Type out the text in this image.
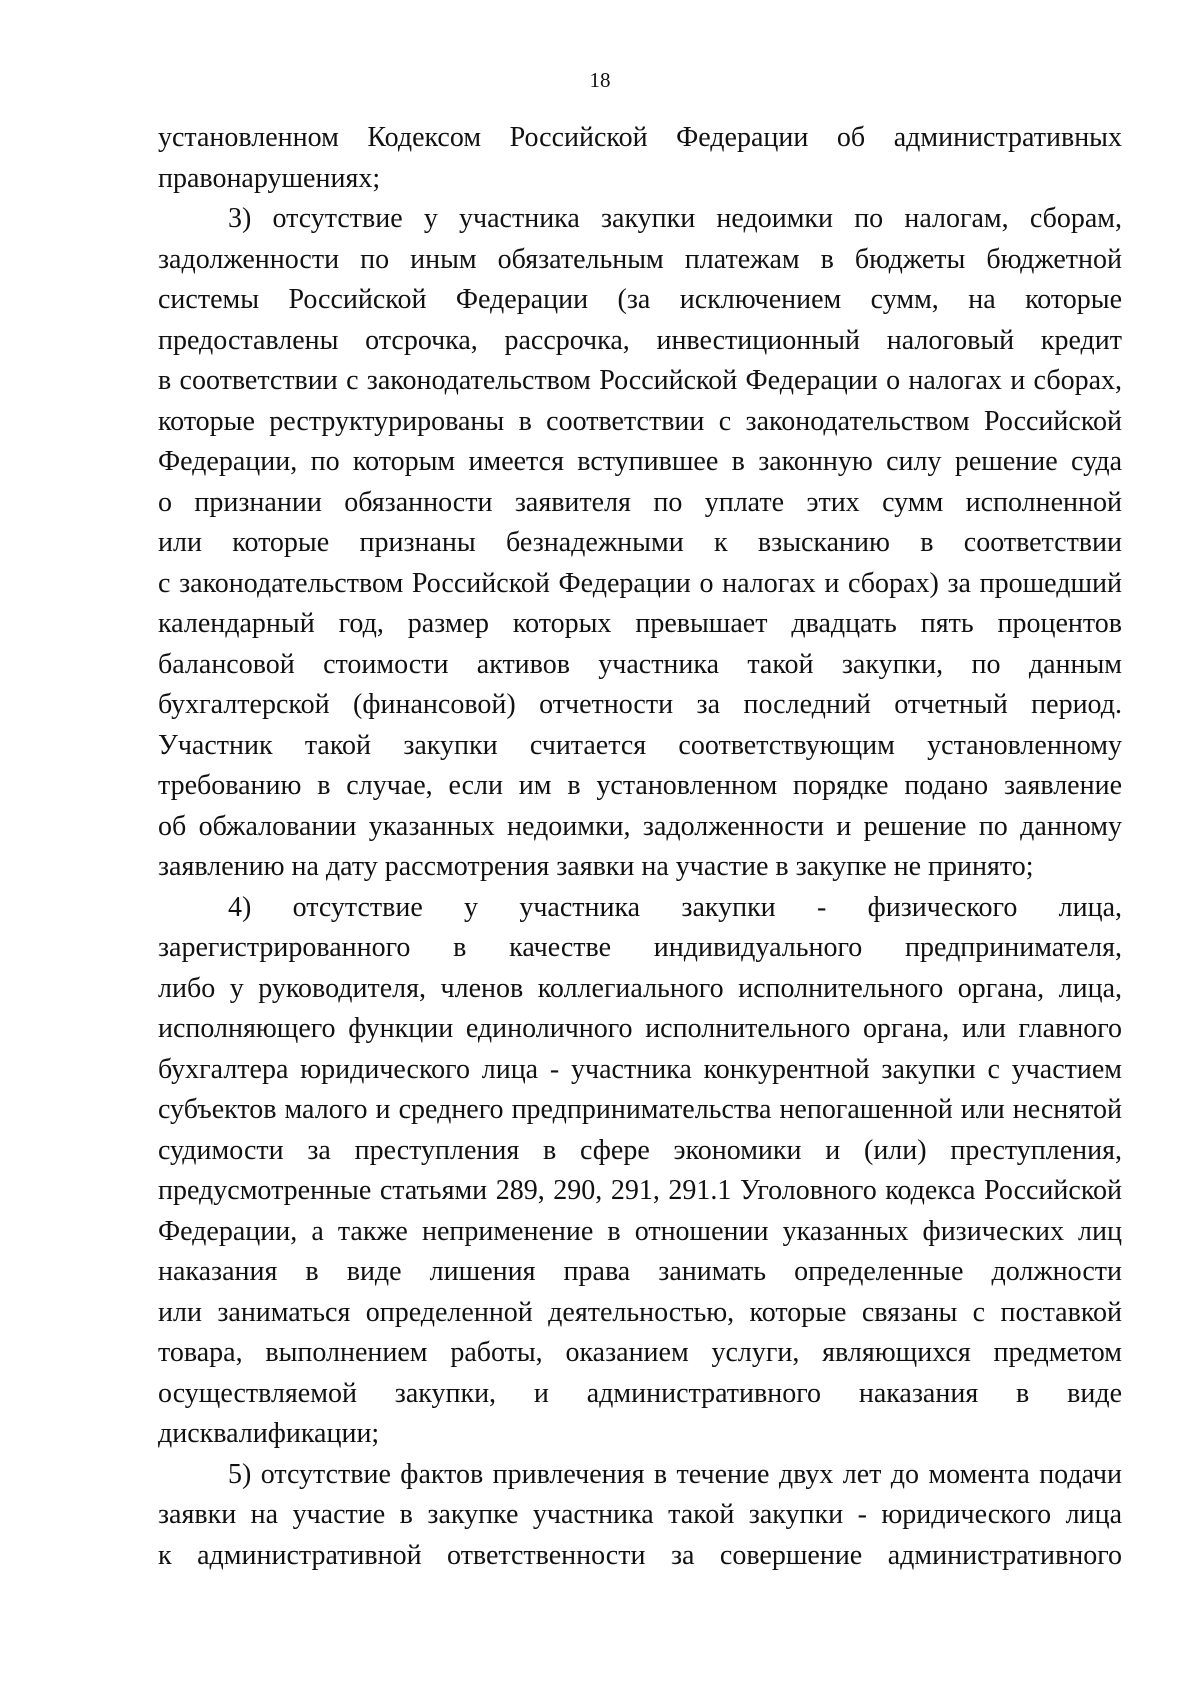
18
установленном Кодексом Российской Федерации об административных
правонарушениях;
3) отсутствие у участника закупки недоимки по налогам, сборам,
задолженности по иным обязательным платежам в бюджеты бюджетной
системы Российской Федерации (за исключением сумм, на которые
предоставлены отсрочка, рассрочка, инвестиционный налоговый кредит
в соответствии с законодательством Российской Федерации о налогах и сборах,
которые реструктурированы в соответствии с законодательством Российской
Федерации, по которым имеется вступившее в законную силу решение суда
о признании обязанности заявителя по уплате этих сумм исполненной
или которые признаны безнадежными к взысканию в соответствии
с законодательством Российской Федерации о налогах и сборах) за прошедший
календарный год, размер которых превышает двадцать пять процентов
балансовой стоимости активов участника такой закупки, по данным
бухгалтерской (финансовой) отчетности за последний отчетный период.
Участник такой закупки считается соответствующим установленному
требованию в случае, если им в установленном порядке подано заявление
об обжаловании указанных недоимки, задолженности и решение по данному
заявлению на дату рассмотрения заявки на участие в закупке не принято;
4) отсутствие у участника закупки - физического лица,
зарегистрированного в качестве индивидуального предпринимателя,
либо у руководителя, членов коллегиального исполнительного органа, лица,
исполняющего функции единоличного исполнительного органа, или главного
бухгалтера юридического лица - участника конкурентной закупки с участием
субъектов малого и среднего предпринимательства непогашенной или неснятой
судимости за преступления в сфере экономики и (или) преступления,
предусмотренные статьями 289, 290, 291, 291.1 Уголовного кодекса Российской
Федерации, а также неприменение в отношении указанных физических лиц
наказания в виде лишения права занимать определенные должности
или заниматься определенной деятельностью, которые связаны с поставкой
товара, выполнением работы, оказанием услуги, являющихся предметом
осуществляемой закупки, и административного наказания в виде
дисквалификации;
5) отсутствие фактов привлечения в течение двух лет до момента подачи
заявки на участие в закупке участника такой закупки - юридического лица
к административной ответственности за совершение административного
